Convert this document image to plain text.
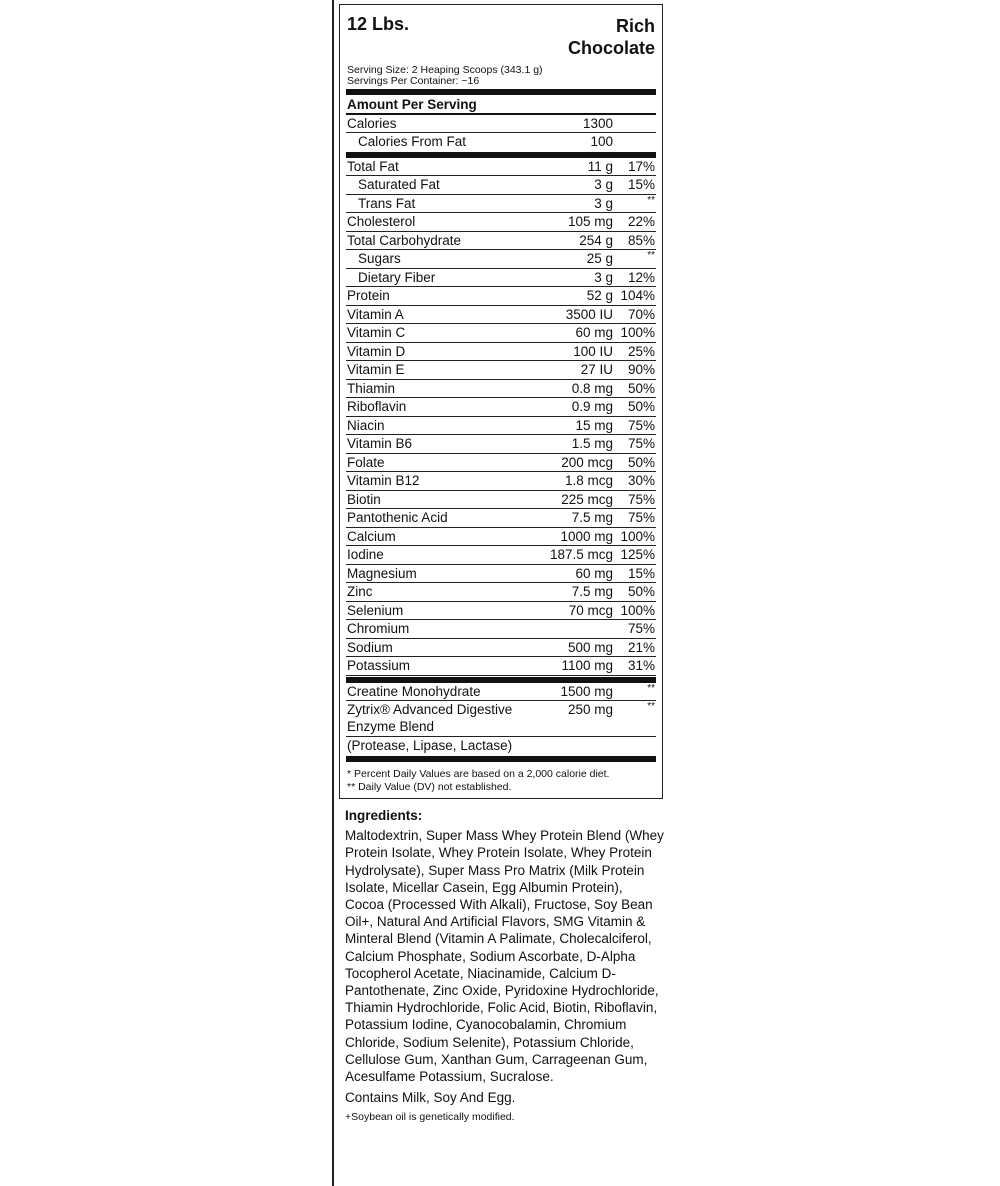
12 Lbs.	Rich
Chocolate
Serving Size: 2 Heaping Scoops (343.1 g)
Servings Per Container: ~16
Amount Per Serving
Calories	1300
Calories From Fat	100
Total Fat	11 g 17%
Saturated Fat	3 g 15%
Trans Fat	3 g	**
Cholesterol	105 mg 22%
Total Carbohydrate	254 g 85%
Sugars	25 g	**
Dietary Fiber	3 g 12%
Protein	52 g 104%
Vitamin A	3500 IU 70%
Vitamin C	60 mg 100%
Vitamin D	100 IU 25%
Vitamin E	27 IU 90%
Thiamin	0.8 mg 50%
Riboflavin	0.9 mg 50%
Niacin	15 mg 75%
Vitamin B6	1.5 mg 75%
Folate	200 mcg 50%
Vitamin B12	1.8 mcg 30%
Biotin	225 mcg 75%
Pantothenic Acid	7.5 mg 75%
Calcium	1000 mg 100%
Iodine	187.5 mcg 125%
Magnesium	60 mg 15%
Zinc	7.5 mg 50%
Selenium	70 mcg 100%
Chromium	75%
Sodium	500 mg 21%
Potassium	1100 mg 31%
Creatine Monohydrate	1500 mg	**
Zytrix® Advanced Digestive
Enzyme Blend
250 mg	**
(Protease, Lipase, Lactase)
* Percent Daily Values are based on a 2,000 calorie diet.
** Daily Value (DV) not established.
Ingredients:
Maltodextrin, Super Mass Whey Protein Blend (Whey Protein Isolate, Whey Protein Isolate, Whey Protein Hydrolysate), Super Mass Pro Matrix (Milk Protein Isolate, Micellar Casein, Egg Albumin Protein), Cocoa (Processed With Alkali), Fructose, Soy Bean Oil+, Natural And Artificial Flavors, SMG Vitamin & Minteral Blend (Vitamin A Palimate, Cholecalciferol, Calcium Phosphate, Sodium Ascorbate, D-Alpha Tocopherol Acetate, Niacinamide, Calcium D-Pantothenate, Zinc Oxide, Pyridoxine Hydrochloride, Thiamin Hydrochloride, Folic Acid, Biotin, Riboflavin, Potassium Iodine, Cyanocobalamin, Chromium Chloride, Sodium Selenite), Potassium Chloride, Cellulose Gum, Xanthan Gum, Carrageenan Gum, Acesulfame Potassium, Sucralose.
Contains Milk, Soy And Egg.
+Soybean oil is genetically modified.
